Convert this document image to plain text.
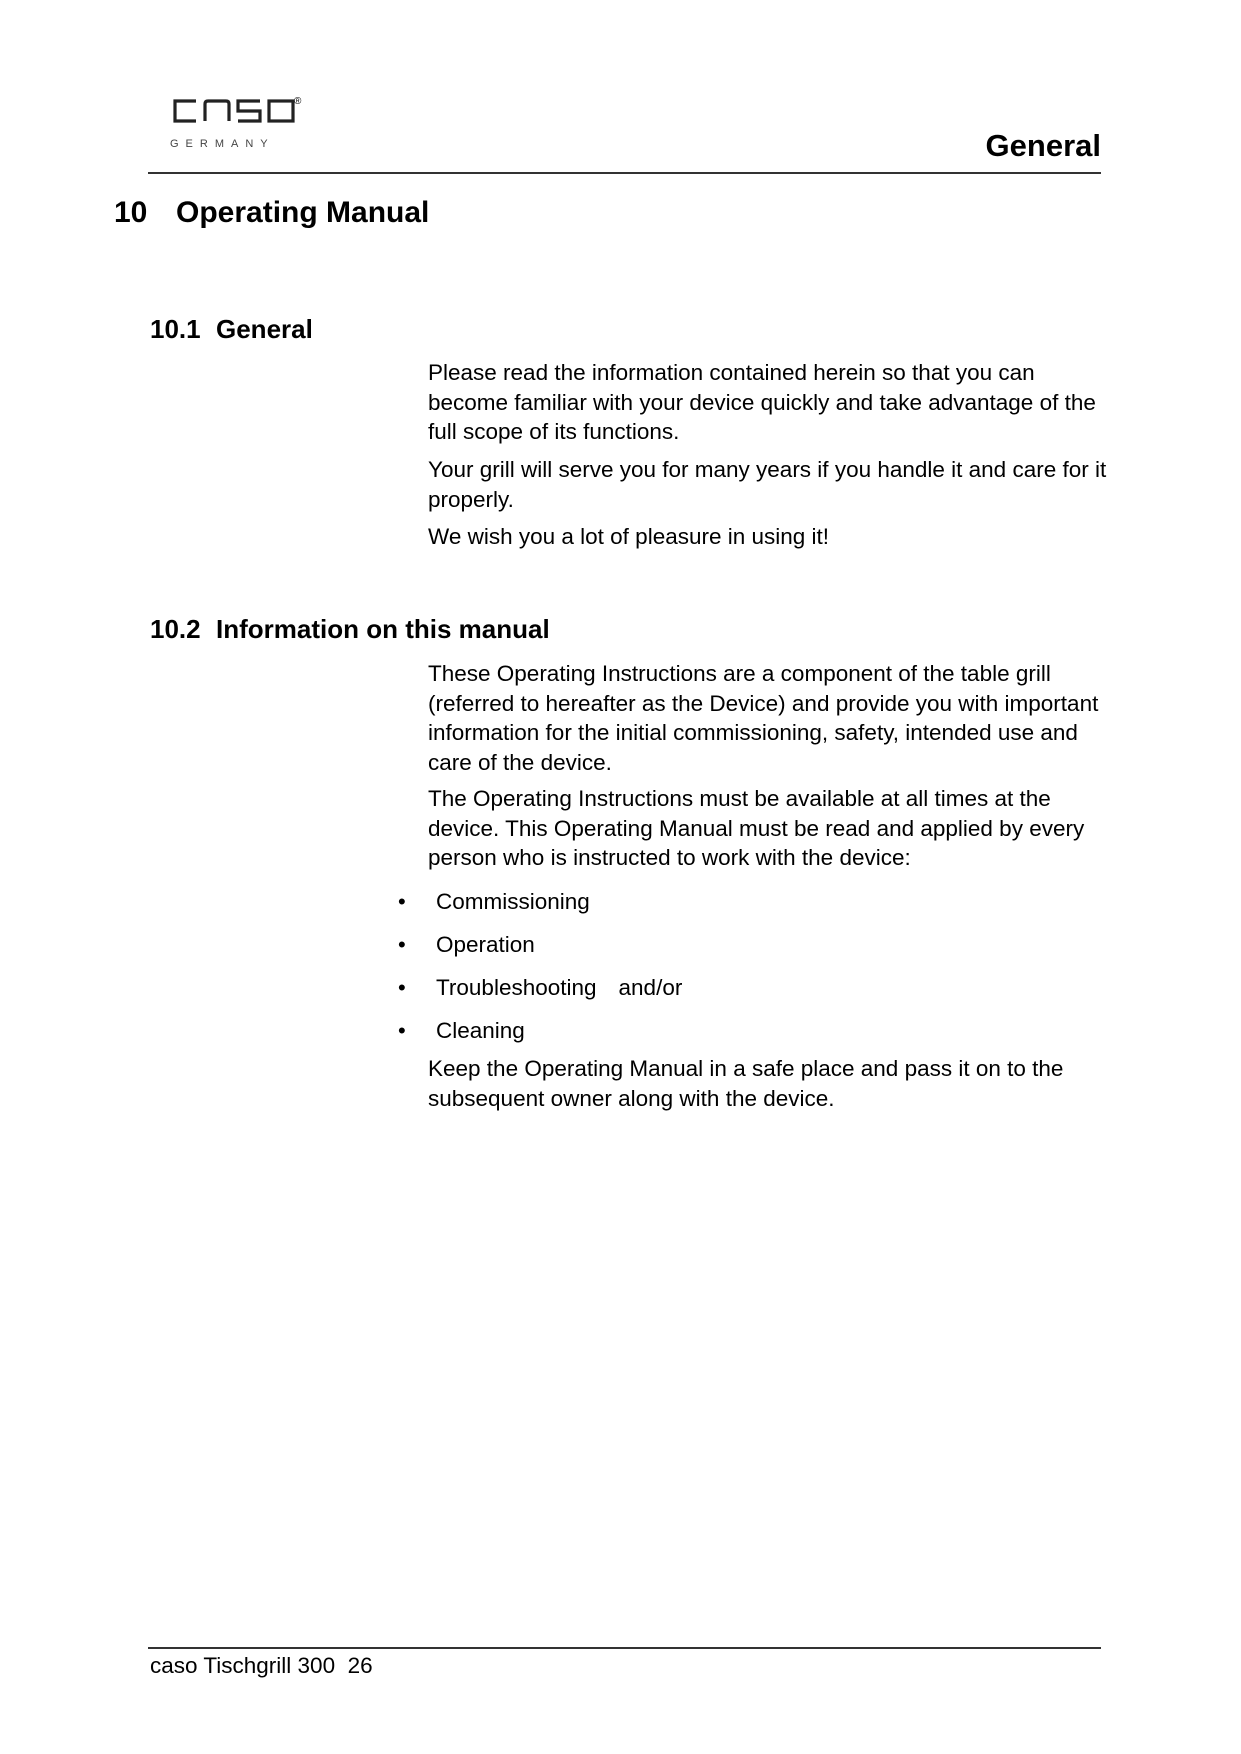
®
GERMANY	General
10 Operating Manual
10.1 General

Please read the information contained herein so that you can become familiar with your device quickly and take advantage of the full scope of its functions.

Your grill will serve you for many years if you handle it and care for it properly.

We wish you a lot of pleasure in using it!

10.2 Information on this manual

These Operating Instructions are a component of the table grill (referred to hereafter as the Device) and provide you with important information for the initial commissioning, safety, intended use and care of the device.

The Operating Instructions must be available at all times at the device. This Operating Manual must be read and applied by every person who is instructed to work with the device:

• Commissioning
• Operation
• Troubleshooting and/or
• Cleaning

Keep the Operating Manual in a safe place and pass it on to the subsequent owner along with the device.

caso Tischgrill 300  26
